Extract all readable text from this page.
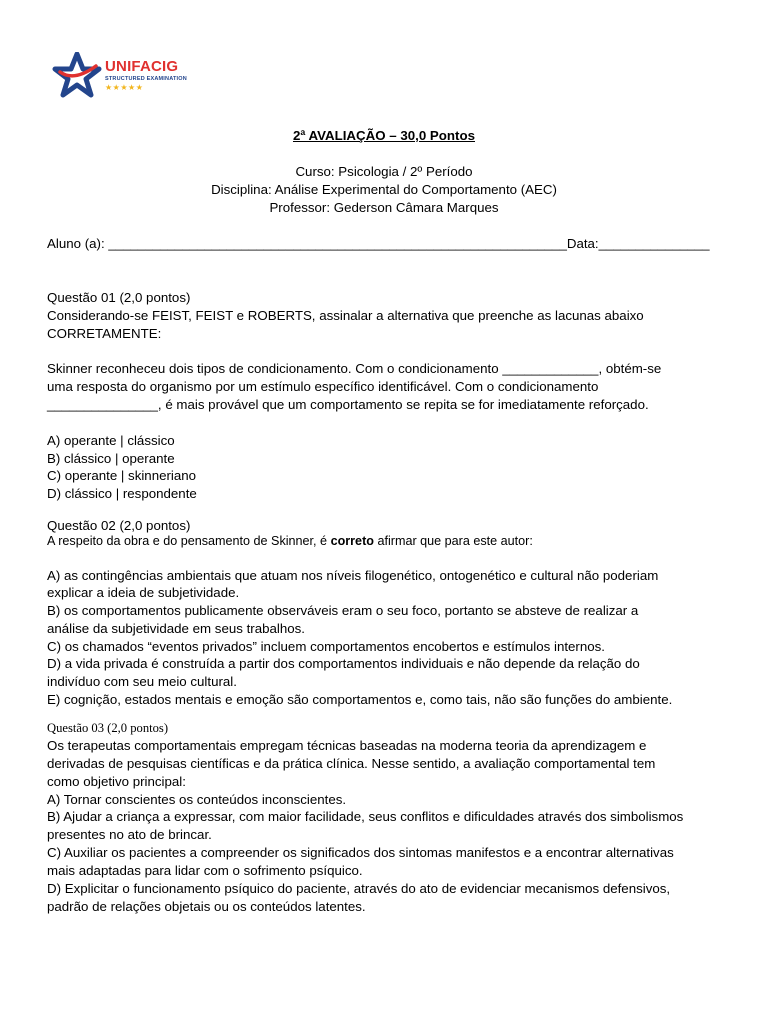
UNIFACIG
STRUCTURED EXAMINATION
★★★★★
2ª AVALIAÇÃO – 30,0 Pontos
Curso: Psicologia / 2º Período
Disciplina: Análise Experimental do Comportamento (AEC)
Professor: Gederson Câmara Marques
Aluno (a): ______________________________________________________________Data:_______________
Questão 01 (2,0 pontos)
Considerando-se FEIST, FEIST e ROBERTS, assinalar a alternativa que preenche as lacunas abaixo
CORRETAMENTE:
Skinner reconheceu dois tipos de condicionamento. Com o condicionamento _____________, obtém-se
uma resposta do organismo por um estímulo específico identificável. Com o condicionamento
_______________, é mais provável que um comportamento se repita se for imediatamente reforçado.
A) operante | clássico
B) clássico | operante
C) operante | skinneriano
D) clássico | respondente
Questão 02 (2,0 pontos)
A respeito da obra e do pensamento de Skinner, é correto afirmar que para este autor:
A) as contingências ambientais que atuam nos níveis filogenético, ontogenético e cultural não poderiam
explicar a ideia de subjetividade.
B) os comportamentos publicamente observáveis eram o seu foco, portanto se absteve de realizar a
análise da subjetividade em seus trabalhos.
C) os chamados “eventos privados” incluem comportamentos encobertos e estímulos internos.
D) a vida privada é construída a partir dos comportamentos individuais e não depende da relação do
indivíduo com seu meio cultural.
E) cognição, estados mentais e emoção são comportamentos e, como tais, não são funções do ambiente.
Questão 03 (2,0 pontos)
Os terapeutas comportamentais empregam técnicas baseadas na moderna teoria da aprendizagem e
derivadas de pesquisas científicas e da prática clínica. Nesse sentido, a avaliação comportamental tem
como objetivo principal:
A) Tornar conscientes os conteúdos inconscientes.
B) Ajudar a criança a expressar, com maior facilidade, seus conflitos e dificuldades através dos simbolismos
presentes no ato de brincar.
C) Auxiliar os pacientes a compreender os significados dos sintomas manifestos e a encontrar alternativas
mais adaptadas para lidar com o sofrimento psíquico.
D) Explicitar o funcionamento psíquico do paciente, através do ato de evidenciar mecanismos defensivos,
padrão de relações objetais ou os conteúdos latentes.
